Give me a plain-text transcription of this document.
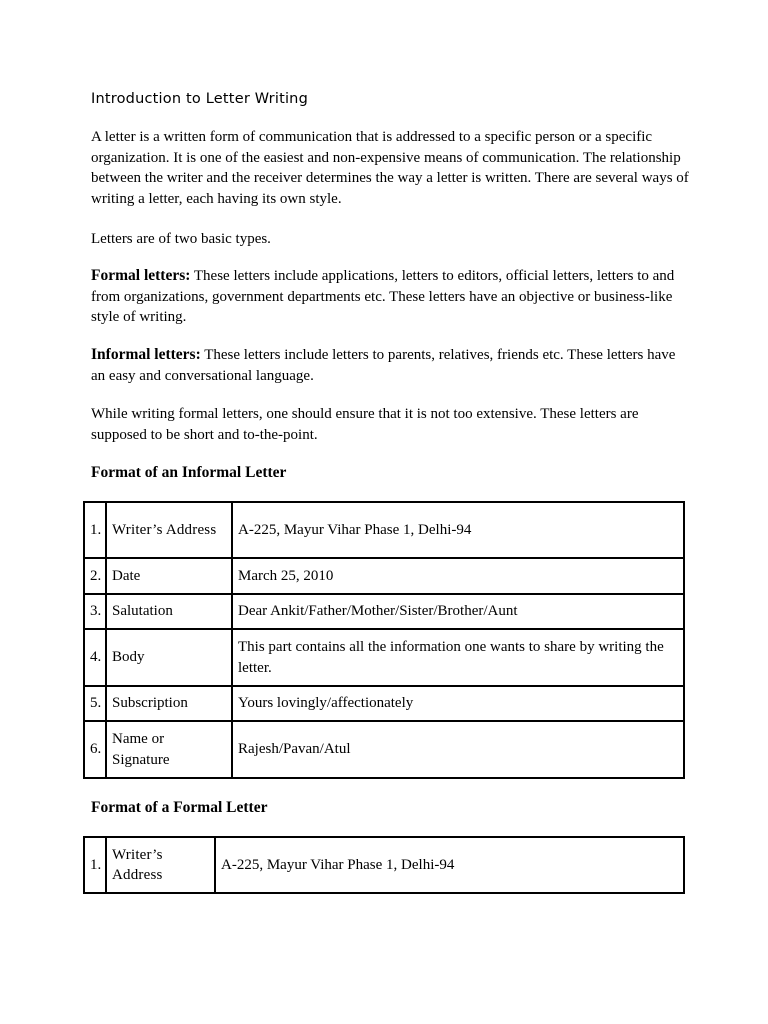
Introduction to Letter Writing

A letter is a written form of communication that is addressed to a specific person or a specific organization. It is one of the easiest and non-expensive means of communication. The relationship between the writer and the receiver determines the way a letter is written. There are several ways of writing a letter, each having its own style.

Letters are of two basic types.

Formal letters: These letters include applications, letters to editors, official letters, letters to and from organizations, government departments etc. These letters have an objective or business-like style of writing.

Informal letters: These letters include letters to parents, relatives, friends etc. These letters have an easy and conversational language.

While writing formal letters, one should ensure that it is not too extensive. These letters are supposed to be short and to-the-point.

Format of an Informal Letter
1.	Writer’s Address	A-225, Mayur Vihar Phase 1, Delhi-94
2.	Date	March 25, 2010
3.	Salutation	Dear Ankit/Father/Mother/Sister/Brother/Aunt
4.	Body	This part contains all the information one wants to share by writing the letter.
5.	Subscription	Yours lovingly/affectionately
6.	Name or Signature	Rajesh/Pavan/Atul
Format of a Formal Letter
1.	Writer’s Address	A-225, Mayur Vihar Phase 1, Delhi-94
